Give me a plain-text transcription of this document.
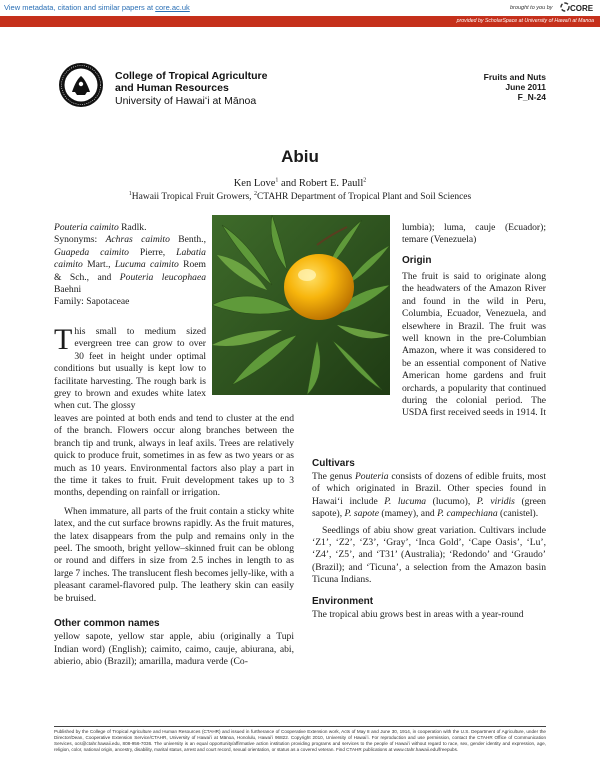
View metadata, citation and similar papers at core.ac.uk	brought to you by	CORE
provided by ScholarSpace at University of Hawai'i at Manoa
College of Tropical Agriculture
and Human Resources
University of Hawaiʻi at Mānoa
Fruits and Nuts
June 2011
F_N-24
Abiu
Ken Love$^1$ and Robert E. Paull$^2$
$^1$Hawaii Tropical Fruit Growers, $^2$CTAHR Department of Tropical Plant and Soil Sciences

Pouteria caimito Radlk.

Synonyms: Achras caimito Benth., Guapeda caimito Pierre, Labatia caimito Mart., Lucuma caimito Roem & Sch., and Pouteria leucophaea Baehni

Family: Sapotaceae

This small to medium sized evergreen tree can grow to over 30 feet in height under optimal conditions but usually is kept low to facilitate harvesting. The rough bark is grey to brown and exudes white latex when cut. The glossy

leaves are pointed at both ends and tend to cluster at the end of the branch. Flowers occur along branches between the branch tip and trunk, always in leaf axils. Trees are relatively quick to produce fruit, sometimes in as few as two years or as much as 10 years. Environmental factors also play a part in the time it takes to fruit. Fruit development takes up to 3 months, depending on rainfall or irrigation.

When immature, all parts of the fruit contain a sticky white latex, and the cut surface browns rapidly. As the fruit matures, the latex disappears from the pulp and remains only in the peel. The smooth, bright yellow–skinned fruit can be oblong or round and differs in size from 2.5 inches in length to as large 7 inches. The translucent flesh becomes jelly-like, with a pleasant caramel-flavored pulp. The leathery skin can easily be bruised.

Other common names

yellow sapote, yellow star apple, abiu (originally a Tupi Indian word) (English); caimito, caimo, cauje, abiurana, abi, abierio, abio (Brazil); amarilla, madura verde (Co-

lumbia); luma, cauje (Ecuador); temare (Venezuela)

Origin

The fruit is said to originate along the headwaters of the Amazon River and found in the wild in Peru, Columbia, Ecuador, Venezuela, and elsewhere in Brazil. The fruit was well known in the pre-Columbian Amazon, where it was considered to be an essential component of Native American home gardens and fruit orchards, a popularity that continued during the colonial period. The USDA first received seeds in 1914. It

Cultivars

The genus Pouteria consists of dozens of edible fruits, most of which originated in Brazil. Other species found in Hawaiʻi include P. lucuma (lucumo), P. viridis (green sapote), P. sapote (mamey), and P. campechiana (canistel).

Seedlings of abiu show great variation. Cultivars include ‘Z1’, ‘Z2’, ‘Z3’, ‘Gray’, ‘Inca Gold’, ‘Cape Oasis’, ‘Lu’, ‘Z4’, ‘Z5’, and ‘T31’ (Australia); ‘Redondo’ and ‘Graudo’ (Brazil); and ‘Ticuna’, a selection from the Amazon basin Ticuna Indians.

Environment

The tropical abiu grows best in areas with a year-round

Published by the College of Tropical Agriculture and Human Resources (CTAHR) and issued in furtherance of Cooperative Extension work, Acts of May 8 and June 30, 1914, in cooperation with the U.S. Department of Agriculture, under the Director/Dean, Cooperative Extension Service/CTAHR, University of Hawaiʻi at Mānoa, Honolulu, Hawaiʻi 96822. Copyright 2010, University of Hawaiʻi. For reproduction and use permission, contact the CTAHR Office of Communication Services, ocs@ctahr.hawaii.edu, 808-956-7036. The university is an equal opportunity/affirmative action institution providing programs and services to the people of Hawaiʻi without regard to race, sex, gender identity and expression, age, religion, color, national origin, ancestry, disability, marital status, arrest and court record, sexual orientation, or status as a covered veteran. Find CTAHR publications at www.ctahr.hawaii.edu/freepubs.
